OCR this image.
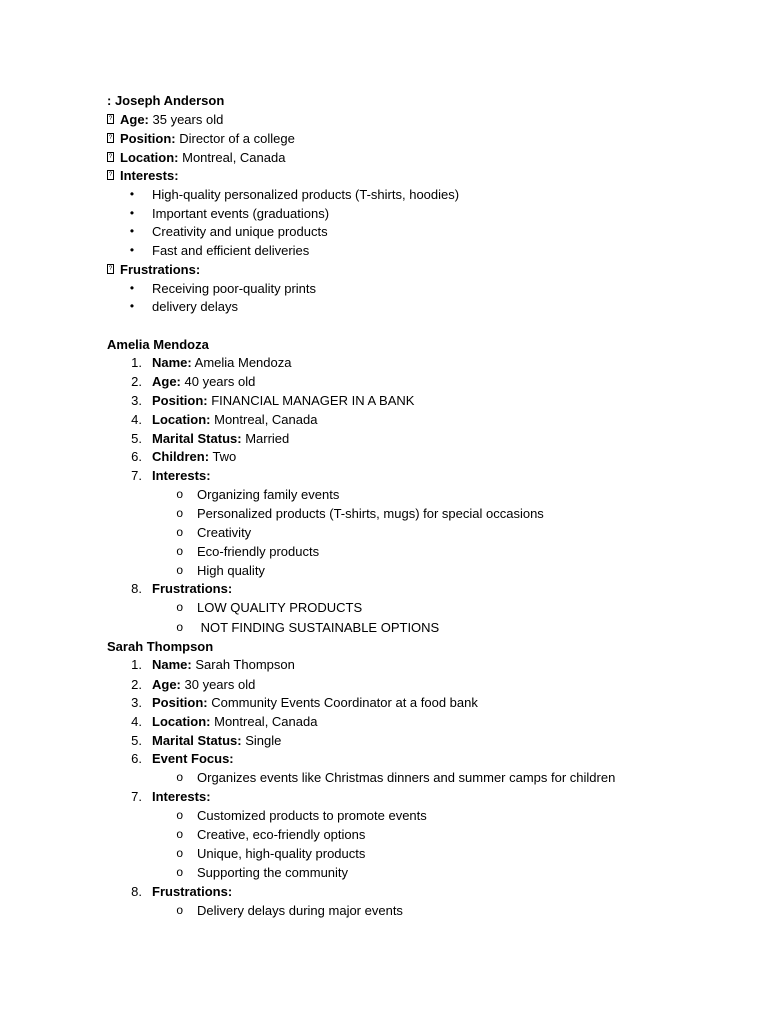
: Joseph Anderson
? Age: 35 years old
? Position: Director of a college
? Location: Montreal, Canada
? Interests:
• High-quality personalized products (T-shirts, hoodies)
• Important events (graduations)
• Creativity and unique products
• Fast and efficient deliveries
? Frustrations:
• Receiving poor-quality prints
• delivery delays
Amelia Mendoza
1. Name: Amelia Mendoza
2. Age: 40 years old
3. Position: FINANCIAL MANAGER IN A BANK
4. Location: Montreal, Canada
5. Marital Status: Married
6. Children: Two
7. Interests:
o Organizing family events
o Personalized products (T-shirts, mugs) for special occasions
o Creativity
o Eco-friendly products
o High quality
8. Frustrations:
o LOW QUALITY PRODUCTS
o NOT FINDING SUSTAINABLE OPTIONS
Sarah Thompson
1. Name: Sarah Thompson
2. Age: 30 years old
3. Position: Community Events Coordinator at a food bank
4. Location: Montreal, Canada
5. Marital Status: Single
6. Event Focus:
o Organizes events like Christmas dinners and summer camps for children
7. Interests:
o Customized products to promote events
o Creative, eco-friendly options
o Unique, high-quality products
o Supporting the community
8. Frustrations:
o Delivery delays during major events
